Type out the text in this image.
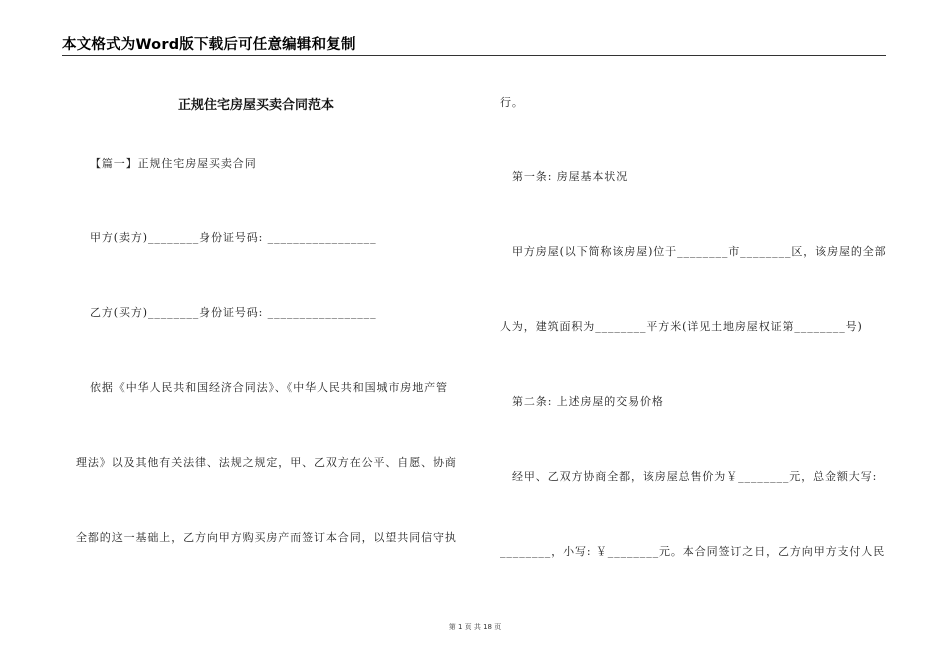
本文格式为Word版下载后可任意编辑和复制
正规住宅房屋买卖合同范本
【篇一】正规住宅房屋买卖合同
甲方(卖方)________身份证号码: _________________
乙方(买方)________身份证号码: _________________
依据《中华人民共和国经济合同法》、《中华人民共和国城市房地产管
理法》以及其他有关法律、法规之规定，甲、乙双方在公平、自愿、协商
全都的这一基础上，乙方向甲方购买房产而签订本合同，以望共同信守执
行。
第一条: 房屋基本状况
甲方房屋(以下简称该房屋)位于________市________区，该房屋的全部
人为，建筑面积为________平方米(详见土地房屋权证第________号)
第二条: 上述房屋的交易价格
经甲、乙双方协商全都，该房屋总售价为￥________元，总金额大写:
________，小写: ￥________元。本合同签订之日，乙方向甲方支付人民
第 1 页 共 18 页
